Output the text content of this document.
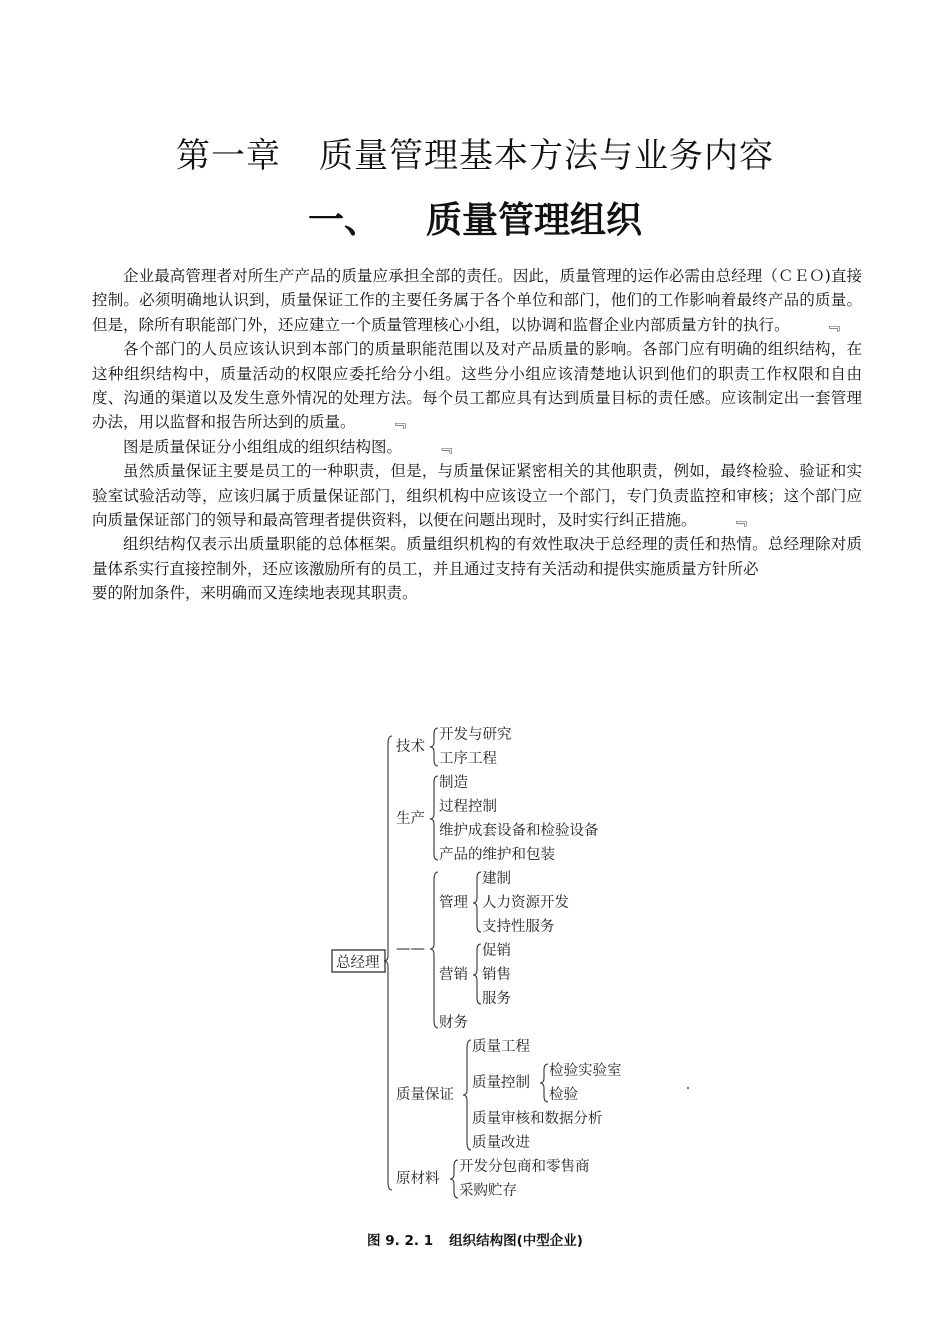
第一章 质量管理基本方法与业务内容
一、 质量管理组织

企业最高管理者对所生产产品的质量应承担全部的责任。因此，质量管理的运作必需由总经理（ＣＥＯ)直接控制。必须明确地认识到，质量保证工作的主要任务属于各个单位和部门，他们的工作影响着最终产品的质量。但是，除所有职能部门外，还应建立一个质量管理核心小组，以协调和监督企业内部质量方针的执行。 ﹃

各个部门的人员应该认识到本部门的质量职能范围以及对产品质量的影响。各部门应有明确的组织结构，在这种组织结构中，质量活动的权限应委托给分小组。这些分小组应该清楚地认识到他们的职责工作权限和自由度、沟通的渠道以及发生意外情况的处理方法。每个员工都应具有达到质量目标的责任感。应该制定出一套管理办法，用以监督和报告所达到的质量。 ﹃

图是质量保证分小组组成的组织结构图。 ﹃

虽然质量保证主要是员工的一种职责，但是，与质量保证紧密相关的其他职责，例如，最终检验、验证和实验室试验活动等，应该归属于质量保证部门，组织机构中应该设立一个部门，专门负责监控和审核；这个部门应向质量保证部门的领导和最高管理者提供资料，以便在问题出现时，及时实行纠正措施。 ﹃

组织结构仅表示出质量职能的总体框架。质量组织机构的有效性取决于总经理的责任和热情。总经理除对质量体系实行直接控制外，还应该激励所有的员工，并且通过支持有关活动和提供实施质量方针所必

要的附加条件，来明确而又连续地表现其职责。

总经理
技术
开发与研究
工序工程
生产
制造
过程控制
维护成套设备和检验设备
产品的维护和包装
——
管理
建制
人力资源开发
支持性服务
营销
促销
销售
服务
财务
质量保证
质量工程
质量控制
检验实验室
检验
质量审核和数据分析
质量改进
原材料
开发分包商和零售商
采购贮存
图 9. 2. 1 组织结构图(中型企业)
